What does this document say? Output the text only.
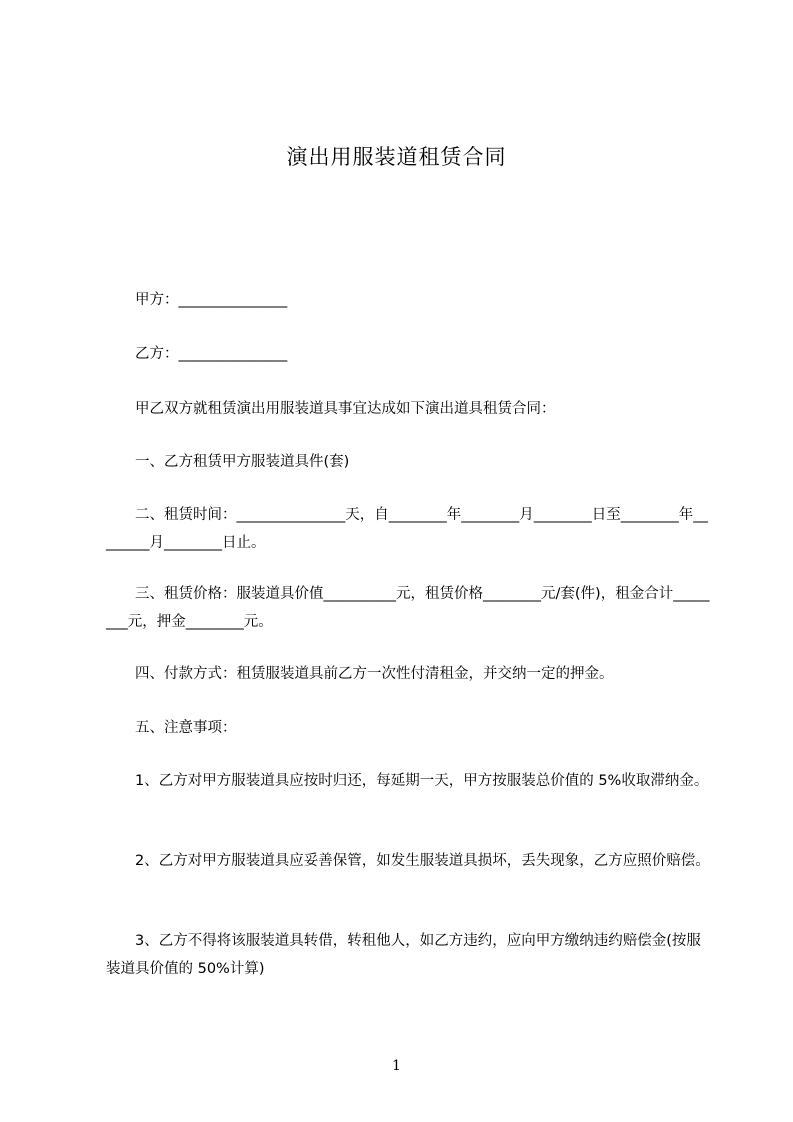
演出用服装道租赁合同
　　甲方：_______________
　　乙方：_______________
　　甲乙双方就租赁演出用服装道具事宜达成如下演出道具租赁合同：
　　一、乙方租赁甲方服装道具件(套)
　　二、租赁时间：_______________天，自________年________月________日至________年________月________日止。
　　三、租赁价格：服装道具价值__________元，租赁价格________元/套(件)，租金合计________元，押金________元。
　　四、付款方式：租赁服装道具前乙方一次性付清租金，并交纳一定的押金。
　　五、注意事项：
　　1、乙方对甲方服装道具应按时归还，每延期一天，甲方按服装总价值的 5%收取滞纳金。
　　2、乙方对甲方服装道具应妥善保管，如发生服装道具损坏，丢失现象，乙方应照价赔偿。
　　3、乙方不得将该服装道具转借，转租他人，如乙方违约，应向甲方缴纳违约赔偿金(按服装道具价值的 50%计算)
1
